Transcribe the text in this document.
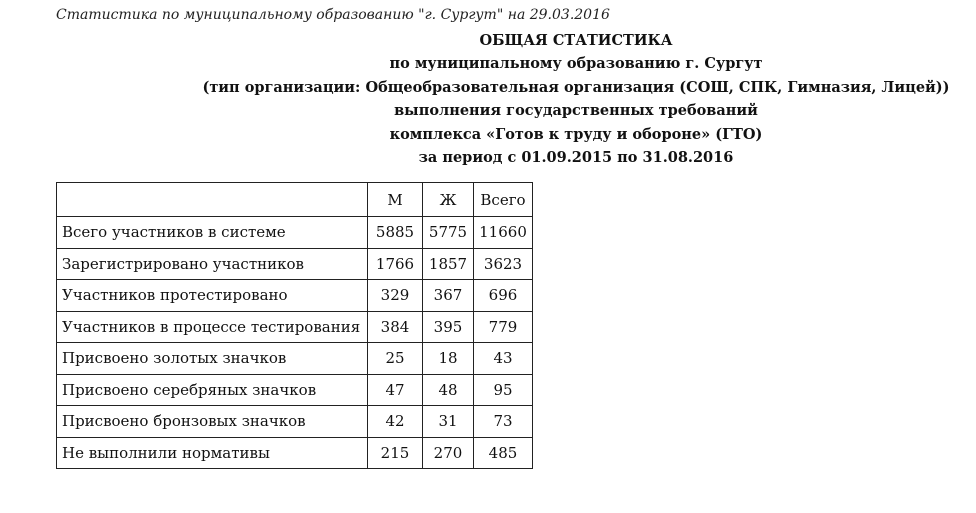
Статистика по муниципальному образованию "г. Сургут" на 29.03.2016
ОБЩАЯ СТАТИСТИКА
по муниципальному образованию г. Сургут
(тип организации: Общеобразовательная организация (СОШ, СПК, Гимназия, Лицей))
выполнения государственных требований
комплекса «Готов к труду и обороне» (ГТО)
за период с 01.09.2015 по 31.08.2016
	М	Ж	Всего
Всего участников в системе	5885	5775	11660
Зарегистрировано участников	1766	1857	3623
Участников протестировано	329	367	696
Участников в процессе тестирования	384	395	779
Присвоено золотых значков	25	18	43
Присвоено серебряных значков	47	48	95
Присвоено бронзовых значков	42	31	73
Не выполнили нормативы	215	270	485
